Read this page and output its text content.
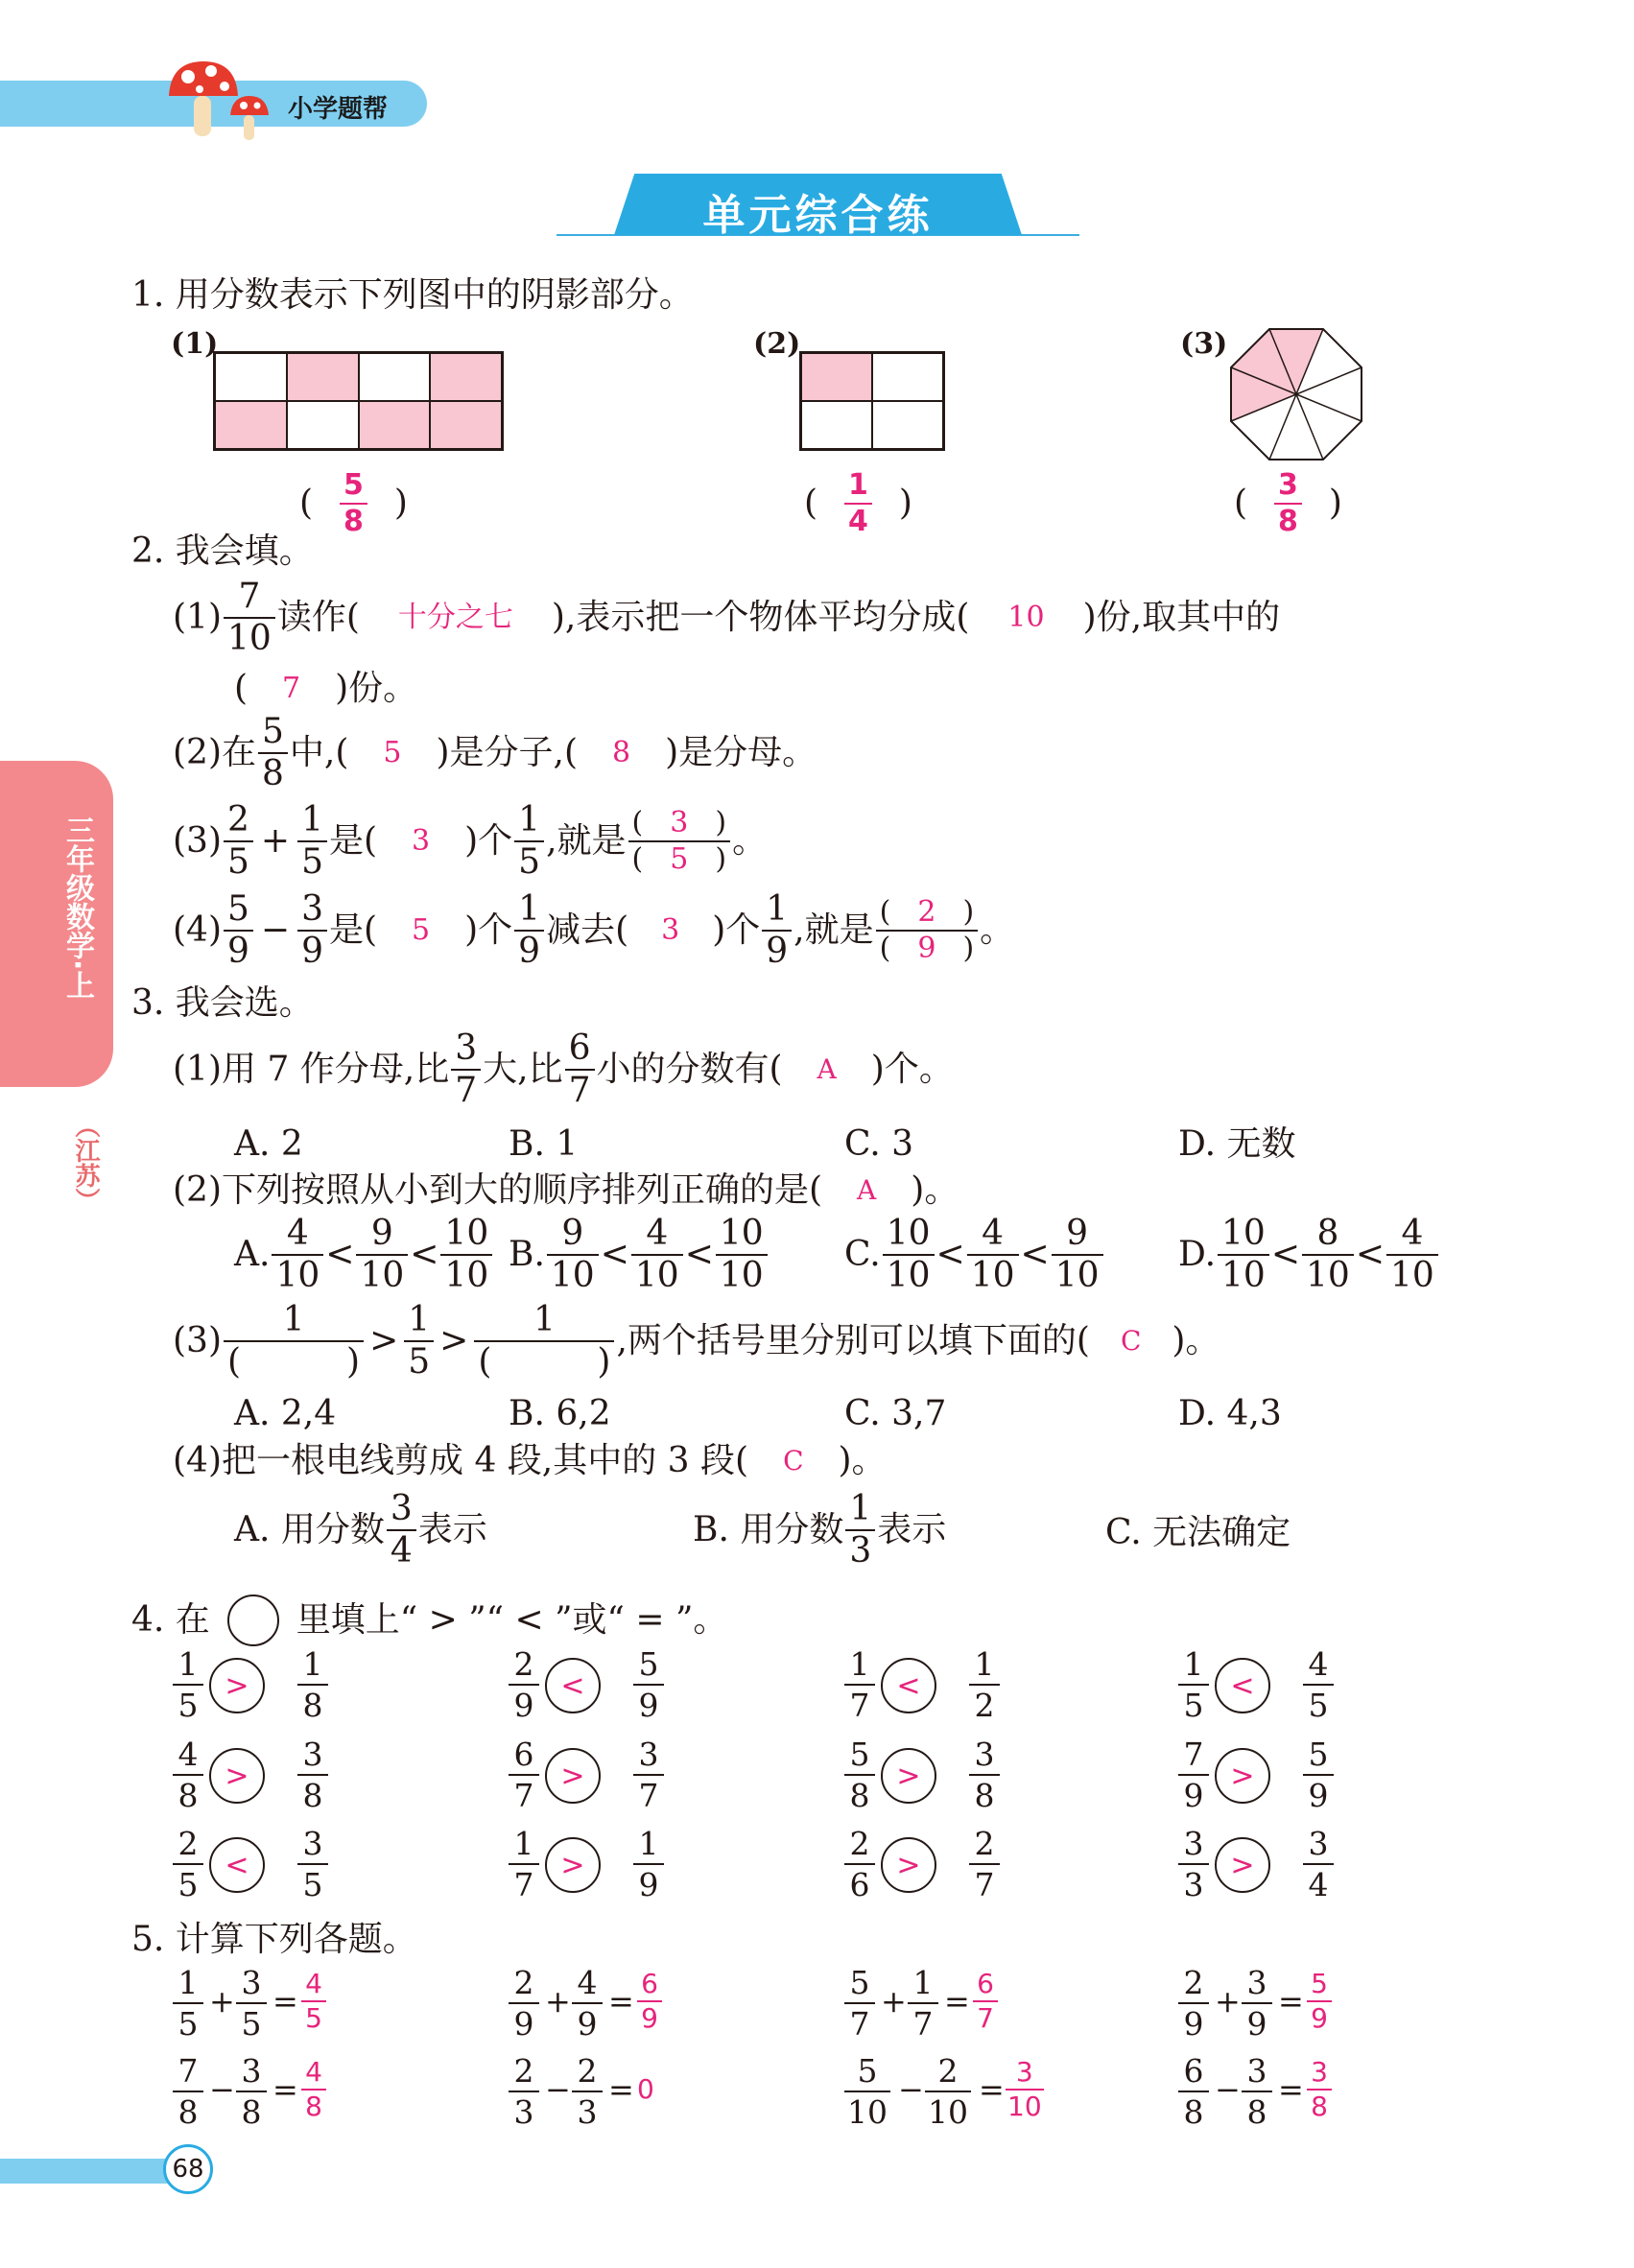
小学题帮
单元综合练
三年级数学·上
（江苏）
68
1. 用分数表示下列图中的阴影部分。
(1)
( $\frac{5}{8}$ )
(2)
( $\frac{1}{4}$ )
(3)
( $\frac{3}{8}$ )
2. 我会填。
$(1) \frac{7}{10}$ 读作( 十分之七 ),表示把一个物体平均分成( 10 )份,取其中的
( 7 )份。
(2)在 $\frac{5}{8}$ 中,( 5 )是分子,( 8 )是分母。
$(3) \frac{2}{5} + \frac{1}{5}$ 是( 3 )个 $\frac{1}{5}$ ,就是 $\frac{( 3 )}{( 5 )}$ 。
$(4) \frac{5}{9} - \frac{3}{9}$ 是( 5 )个 $\frac{1}{9}$ 减去( 3 )个 $\frac{1}{9}$ ,就是 $\frac{( 2 )}{( 9 )}$ 。
3. 我会选。
(1)用 7 作分母,比 $\frac{3}{7}$ 大,比 $\frac{6}{7}$ 小的分数有( A )个。
A. 2	B. 1	C. 3	D. 无数
(2)下列按照从小到大的顺序排列正确的是( A )。
A. $\frac{4}{10} < \frac{9}{10} < \frac{10}{10} B$. $\frac{9}{10} < \frac{4}{10} < \frac{10}{10} C$. $\frac{10}{10} < \frac{4}{10} < \frac{9}{10} D$. $\frac{10}{10} < \frac{8}{10} < \frac{4}{10}$
(3) 1
(	) > $\frac{1}{5} > 1$
(	) ,两个括号里分别可以填下面的( C )。
A. 2,4	B. 6,2	C. 3,7	D. 4,3
(4)把一根电线剪成 4 段,其中的 3 段( C )。
A. 用分数 $\frac{3}{4}$ 表示	B. 用分数 $\frac{1}{3}$ 表示	C. 无法确定
4. 在	里填上“ > ”“ < ”或“ = ”。
$\frac{1}{5}$ >	$\frac{1}{8}$	$\frac{2}{9}$ <	$\frac{5}{9}$	$\frac{1}{7}$ <	$\frac{1}{2}$	$\frac{1}{5}$ <	$\frac{4}{5}$
$\frac{4}{8}$ >	$\frac{3}{8}$	$\frac{6}{7}$ >	$\frac{3}{7}$	$\frac{5}{8}$ >	$\frac{3}{8}$	$\frac{7}{9}$ >	$\frac{5}{9}$
$\frac{2}{5}$ <	$\frac{3}{5}$	$\frac{1}{7}$ >	$\frac{1}{9}$	$\frac{2}{6}$ >	$\frac{2}{7}$	$\frac{3}{3}$ >	$\frac{3}{4}$
5. 计算下列各题。
$\frac{1}{5} + \frac{3}{5} = \frac{4}{5}$	$\frac{2}{9} + \frac{4}{9} = \frac{6}{9}$	$\frac{5}{7} + \frac{1}{7} = \frac{6}{7}$	$\frac{2}{9} + \frac{3}{9} = \frac{5}{9}$
$\frac{7}{8} - \frac{3}{8} = \frac{4}{8}$	$\frac{2}{3} - \frac{2}{3} = 0$	$\frac{5}{10} - \frac{2}{10} = \frac{3}{10}$	$\frac{6}{8} - \frac{3}{8} = \frac{3}{8}$
